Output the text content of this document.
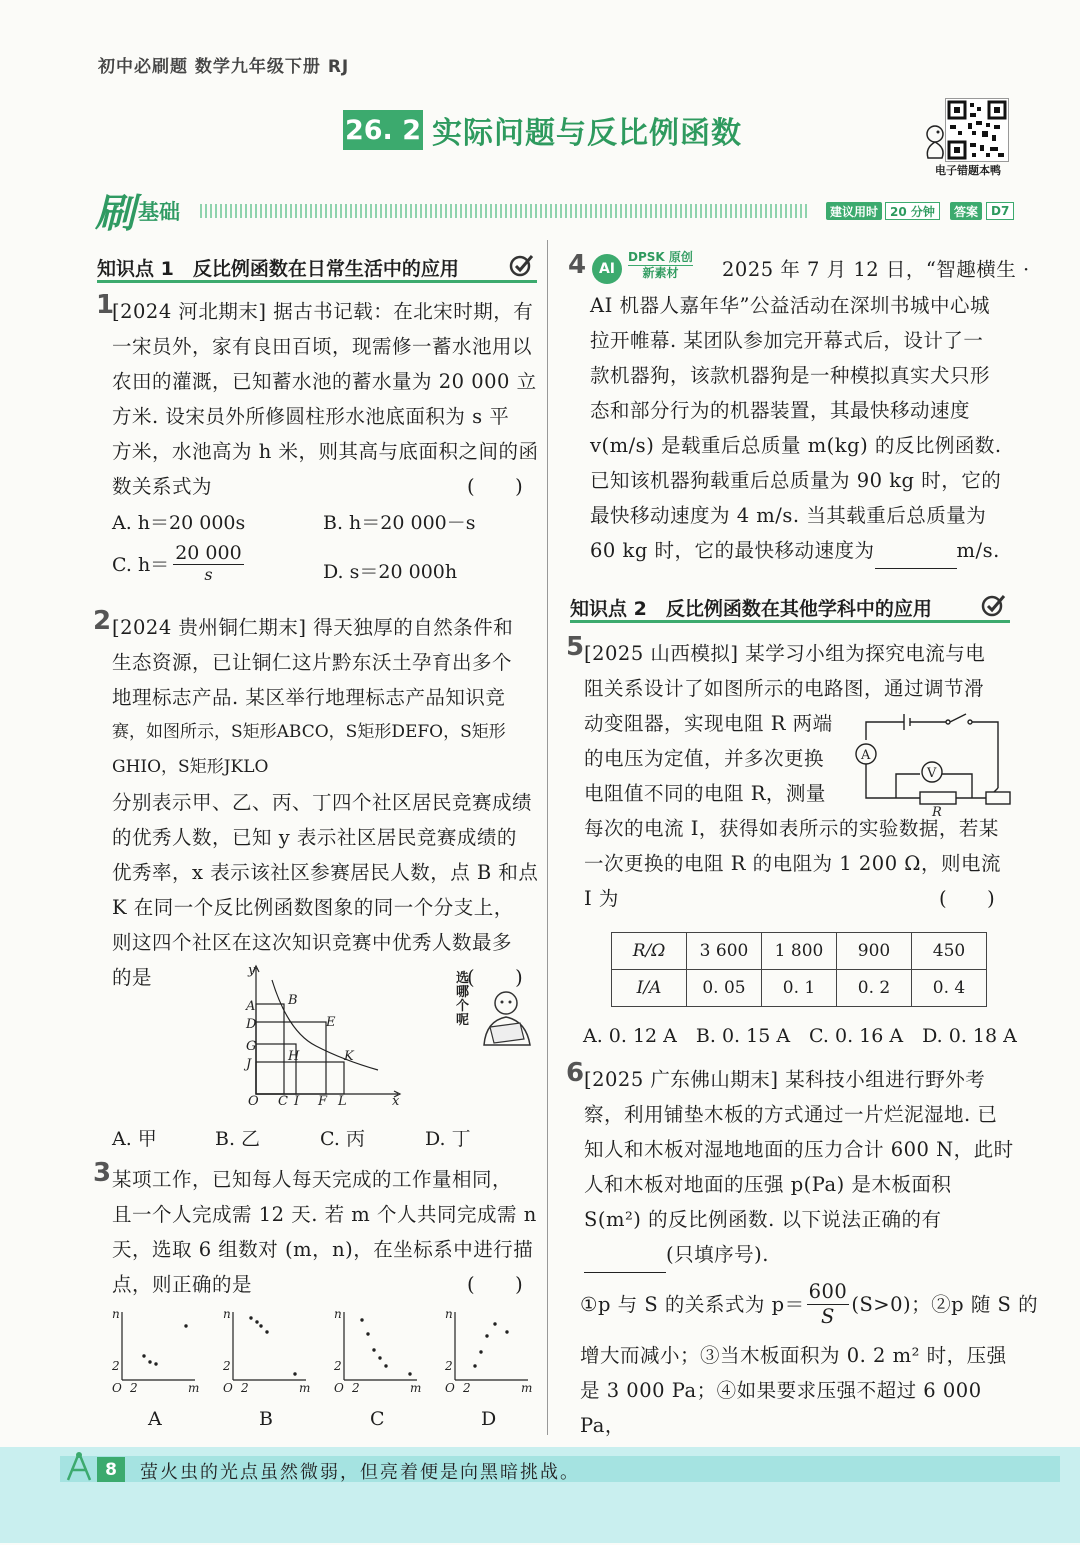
初中必刷题 数学九年级下册 RJ
26. 2 实际问题与反比例函数
电子错题本鸭
刷 基础	建议用时 20 分钟	答案	D7
知识点 1　反比例函数在日常生活中的应用
1
[2024 河北期末] 据古书记载：在北宋时期，有
一宋员外，家有良田百顷，现需修一蓄水池用以
农田的灌溉，已知蓄水池的蓄水量为 20 000 立
方米. 设宋员外所修圆柱形水池底面积为 s 平
方米，水池高为 h 米，则其高与底面积之间的函
数关系式为	(　　)
A. h＝20 000s	B. h＝20 000－s
C. h＝
20 000
s	D. s＝20 000h
2 [2024 贵州铜仁期末] 得天独厚的自然条件和
生态资源，已让铜仁这片黔东沃土孕育出多个
地理标志产品. 某区举行地理标志产品知识竞
赛，如图所示，S矩形ABCO，S矩形DEFO，S矩形GHIO，S矩形JKLO
分别表示甲、乙、丙、丁四个社区居民竞赛成绩
的优秀人数，已知 y 表示社区居民竞赛成绩的
优秀率，x 表示该社区参赛居民人数，点 B 和点
K 在同一个反比例函数图象的同一个分支上，
则这四个社区在这次知识竞赛中优秀人数最多
的是	(　　)
y
A	B
D	E
G
H
J
K
O C I F L	x
选哪个呢
A. 甲	B. 乙	C. 丙	D. 丁
3 某项工作，已知每人每天完成的工作量相同，
且一个人完成需 12 天. 若 m 个人共同完成需 n
天，选取 6 组数对 (m，n)，在坐标系中进行描
点，则正确的是	(　　)
n
2
O 2	m
n
2
O 2	m
n
2
O 2	m
n
2
O 2	m
A	B	C	D
4 AI
DPSK 原创
新素材	2025 年 7 月 12 日，“智趣横生 ·
AI 机器人嘉年华”公益活动在深圳书城中心城
拉开帷幕. 某团队参加完开幕式后，设计了一
款机器狗，该款机器狗是一种模拟真实犬只形
态和部分行为的机器装置，其最快移动速度
v(m/s) 是载重后总质量 m(kg) 的反比例函数.
已知该机器狗载重后总质量为 90 kg 时，它的
最快移动速度为 4 m/s. 当其载重后总质量为
60 kg 时，它的最快移动速度为	m/s.
知识点 2　反比例函数在其他学科中的应用
5 [2025 山西模拟] 某学习小组为探究电流与电
阻关系设计了如图所示的电路图，通过调节滑
动变阻器，实现电阻 R 两端
的电压为定值，并多次更换
电阻值不同的电阻 R，测量
每次的电流 I，获得如表所示的实验数据，若某
一次更换的电阻 R 的电阻为 1 200 Ω，则电流
I 为	(　　)
A
V
R
R/Ω	3 600	1 800	900	450
I/A	0. 05	0. 1	0. 2	0. 4
A. 0. 12 A　B. 0. 15 A　C. 0. 16 A　D. 0. 18 A
6 [2025 广东佛山期末] 某科技小组进行野外考
察，利用铺垫木板的方式通过一片烂泥湿地. 已
知人和木板对湿地地面的压力合计 600 N，此时
人和木板对地面的压强 p(Pa) 是木板面积
S(m²) 的反比例函数. 以下说法正确的有
(只填序号).
①p 与 S 的关系式为 $p= \frac{600}{S} (S>0)$；②p 随 S 的
增大而减小；③当木板面积为 0. 2 m² 时，压强
是 3 000 Pa；④如果要求压强不超过 6 000 Pa，
8	萤火虫的光点虽然微弱，但亮着便是向黑暗挑战。
